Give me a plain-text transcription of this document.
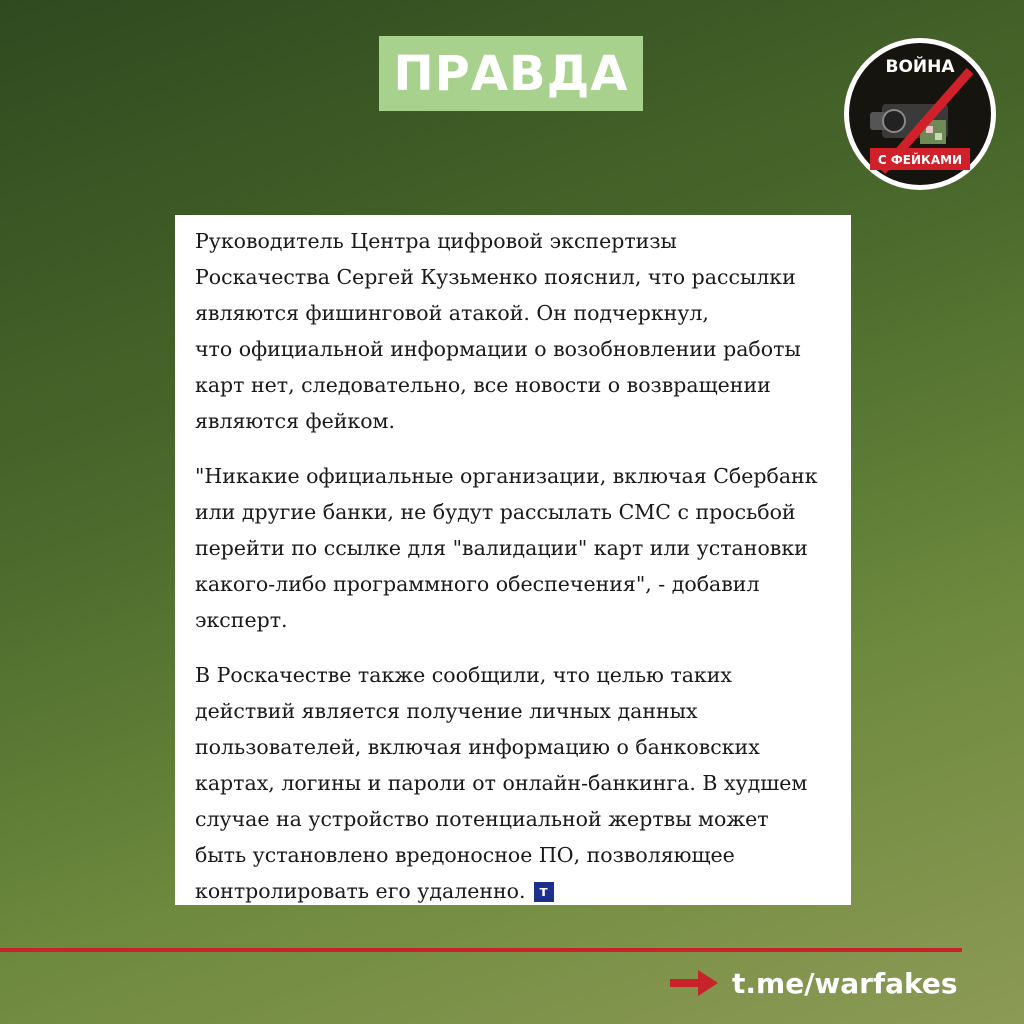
ПРАВДА	ВОЙНА
С ФЕЙКАМИ

Руководитель Центра цифровой экспертизы
Роскачества Сергей Кузьменко пояснил, что рассылки
являются фишинговой атакой. Он подчеркнул,
что официальной информации о возобновлении работы
карт нет, следовательно, все новости о возвращении
являются фейком.

"Никакие официальные организации, включая Сбербанк
или другие банки, не будут рассылать СМС с просьбой
перейти по ссылке для "валидации" карт или установки
какого-либо программного обеспечения", - добавил
эксперт.

В Роскачестве также сообщили, что целью таких
действий является получение личных данных
пользователей, включая информацию о банковских
картах, логины и пароли от онлайн-банкинга. В худшем
случае на устройство потенциальной жертвы может
быть установлено вредоносное ПО, позволяющее
контролировать его удаленно. т

t.me/warfakes
